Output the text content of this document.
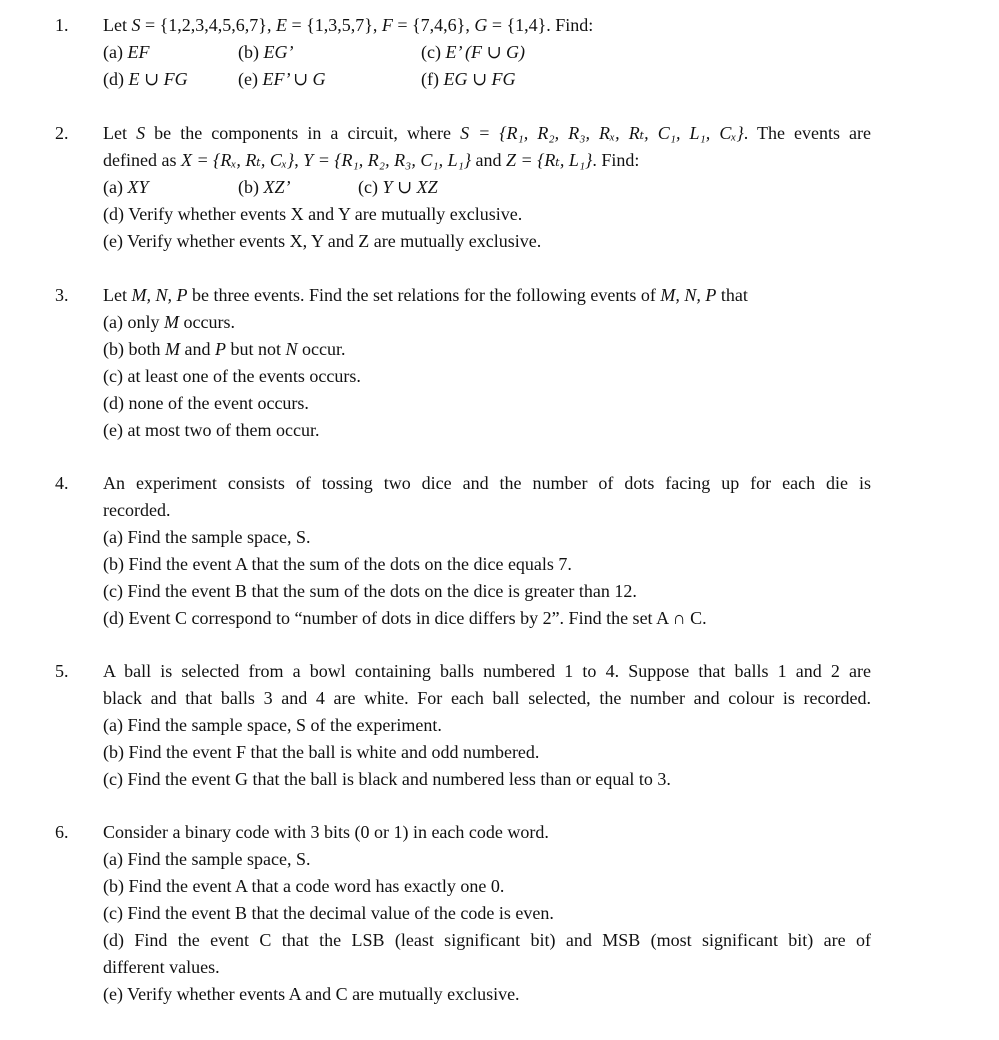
1. Let S = {1,2,3,4,5,6,7}, E = {1,3,5,7}, F = {7,4,6}, G = {1,4}. Find:
(a) EF	(b) EG’	(c) E’ (F ∪ G)
(d) E ∪ FG	(e) EF’ ∪ G	(f) EG ∪ FG
2. Let S be the components in a circuit, where S = {R₁, R₂, R₃, Rₓ, Rₜ, C₁, L₁, Cₓ}. The events are
defined as X = {Rₓ, Rₜ, Cₓ}, Y = {R₁, R₂, R₃, C₁, L₁} and Z = {Rₜ, L₁}. Find:
(a) XY	(b) XZ’	(c) Y ∪ XZ
(d) Verify whether events X and Y are mutually exclusive.
(e) Verify whether events X, Y and Z are mutually exclusive.
3. Let M, N, P be three events. Find the set relations for the following events of M, N, P that
(a) only M occurs.
(b) both M and P but not N occur.
(c) at least one of the events occurs.
(d) none of the event occurs.
(e) at most two of them occur.
4. An experiment consists of tossing two dice and the number of dots facing up for each die is
recorded.
(a) Find the sample space, S.
(b) Find the event A that the sum of the dots on the dice equals 7.
(c) Find the event B that the sum of the dots on the dice is greater than 12.
(d) Event C correspond to “number of dots in dice differs by 2”. Find the set A ∩ C.
5. A ball is selected from a bowl containing balls numbered 1 to 4. Suppose that balls 1 and 2 are
black and that balls 3 and 4 are white. For each ball selected, the number and colour is recorded.
(a) Find the sample space, S of the experiment.
(b) Find the event F that the ball is white and odd numbered.
(c) Find the event G that the ball is black and numbered less than or equal to 3.
6. Consider a binary code with 3 bits (0 or 1) in each code word.
(a) Find the sample space, S.
(b) Find the event A that a code word has exactly one 0.
(c) Find the event B that the decimal value of the code is even.
(d) Find the event C that the LSB (least significant bit) and MSB (most significant bit) are of
different values.
(e) Verify whether events A and C are mutually exclusive.
